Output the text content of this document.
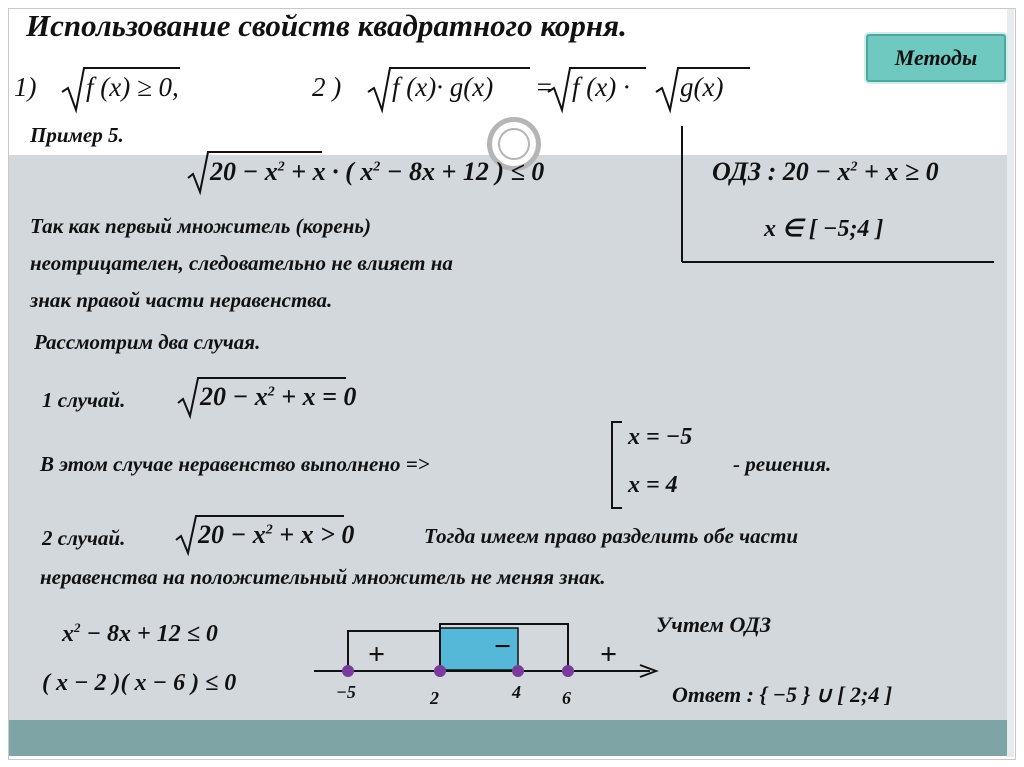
Использование свойств квадратного корня.
Методы
1) f (x) ≥ 0,	2 ) f (x)· g(x) = f (x) · g(x)
Пример 5.
$20 - x^2 + x$ · ( $x^2 - 8x + 12$ ) ≤ 0	ОДЗ : $20 - x^2 + x \ge 0$
x ∈ [ −5;4 ]
Так как первый множитель (корень)
неотрицателен, следовательно не влияет на
знак правой части неравенства.
Рассмотрим два случая.
1 случай.	$20 - x^2 + x = 0$
В этом случае неравенство выполнено =>
x = −5
x = 4
- решения.
2 случай.	$20 - x^2 + x > 0$	Тогда имеем право разделить обе части
неравенства на положительный множитель не меняя знак.
$x^2 - 8x + 12 \le 0$
( x − 2 )( x − 6 ) ≤ 0
+	−	+
−5	2	4 6
Учтем ОДЗ
Ответ : { −5 } ∪ [ 2;4 ]
